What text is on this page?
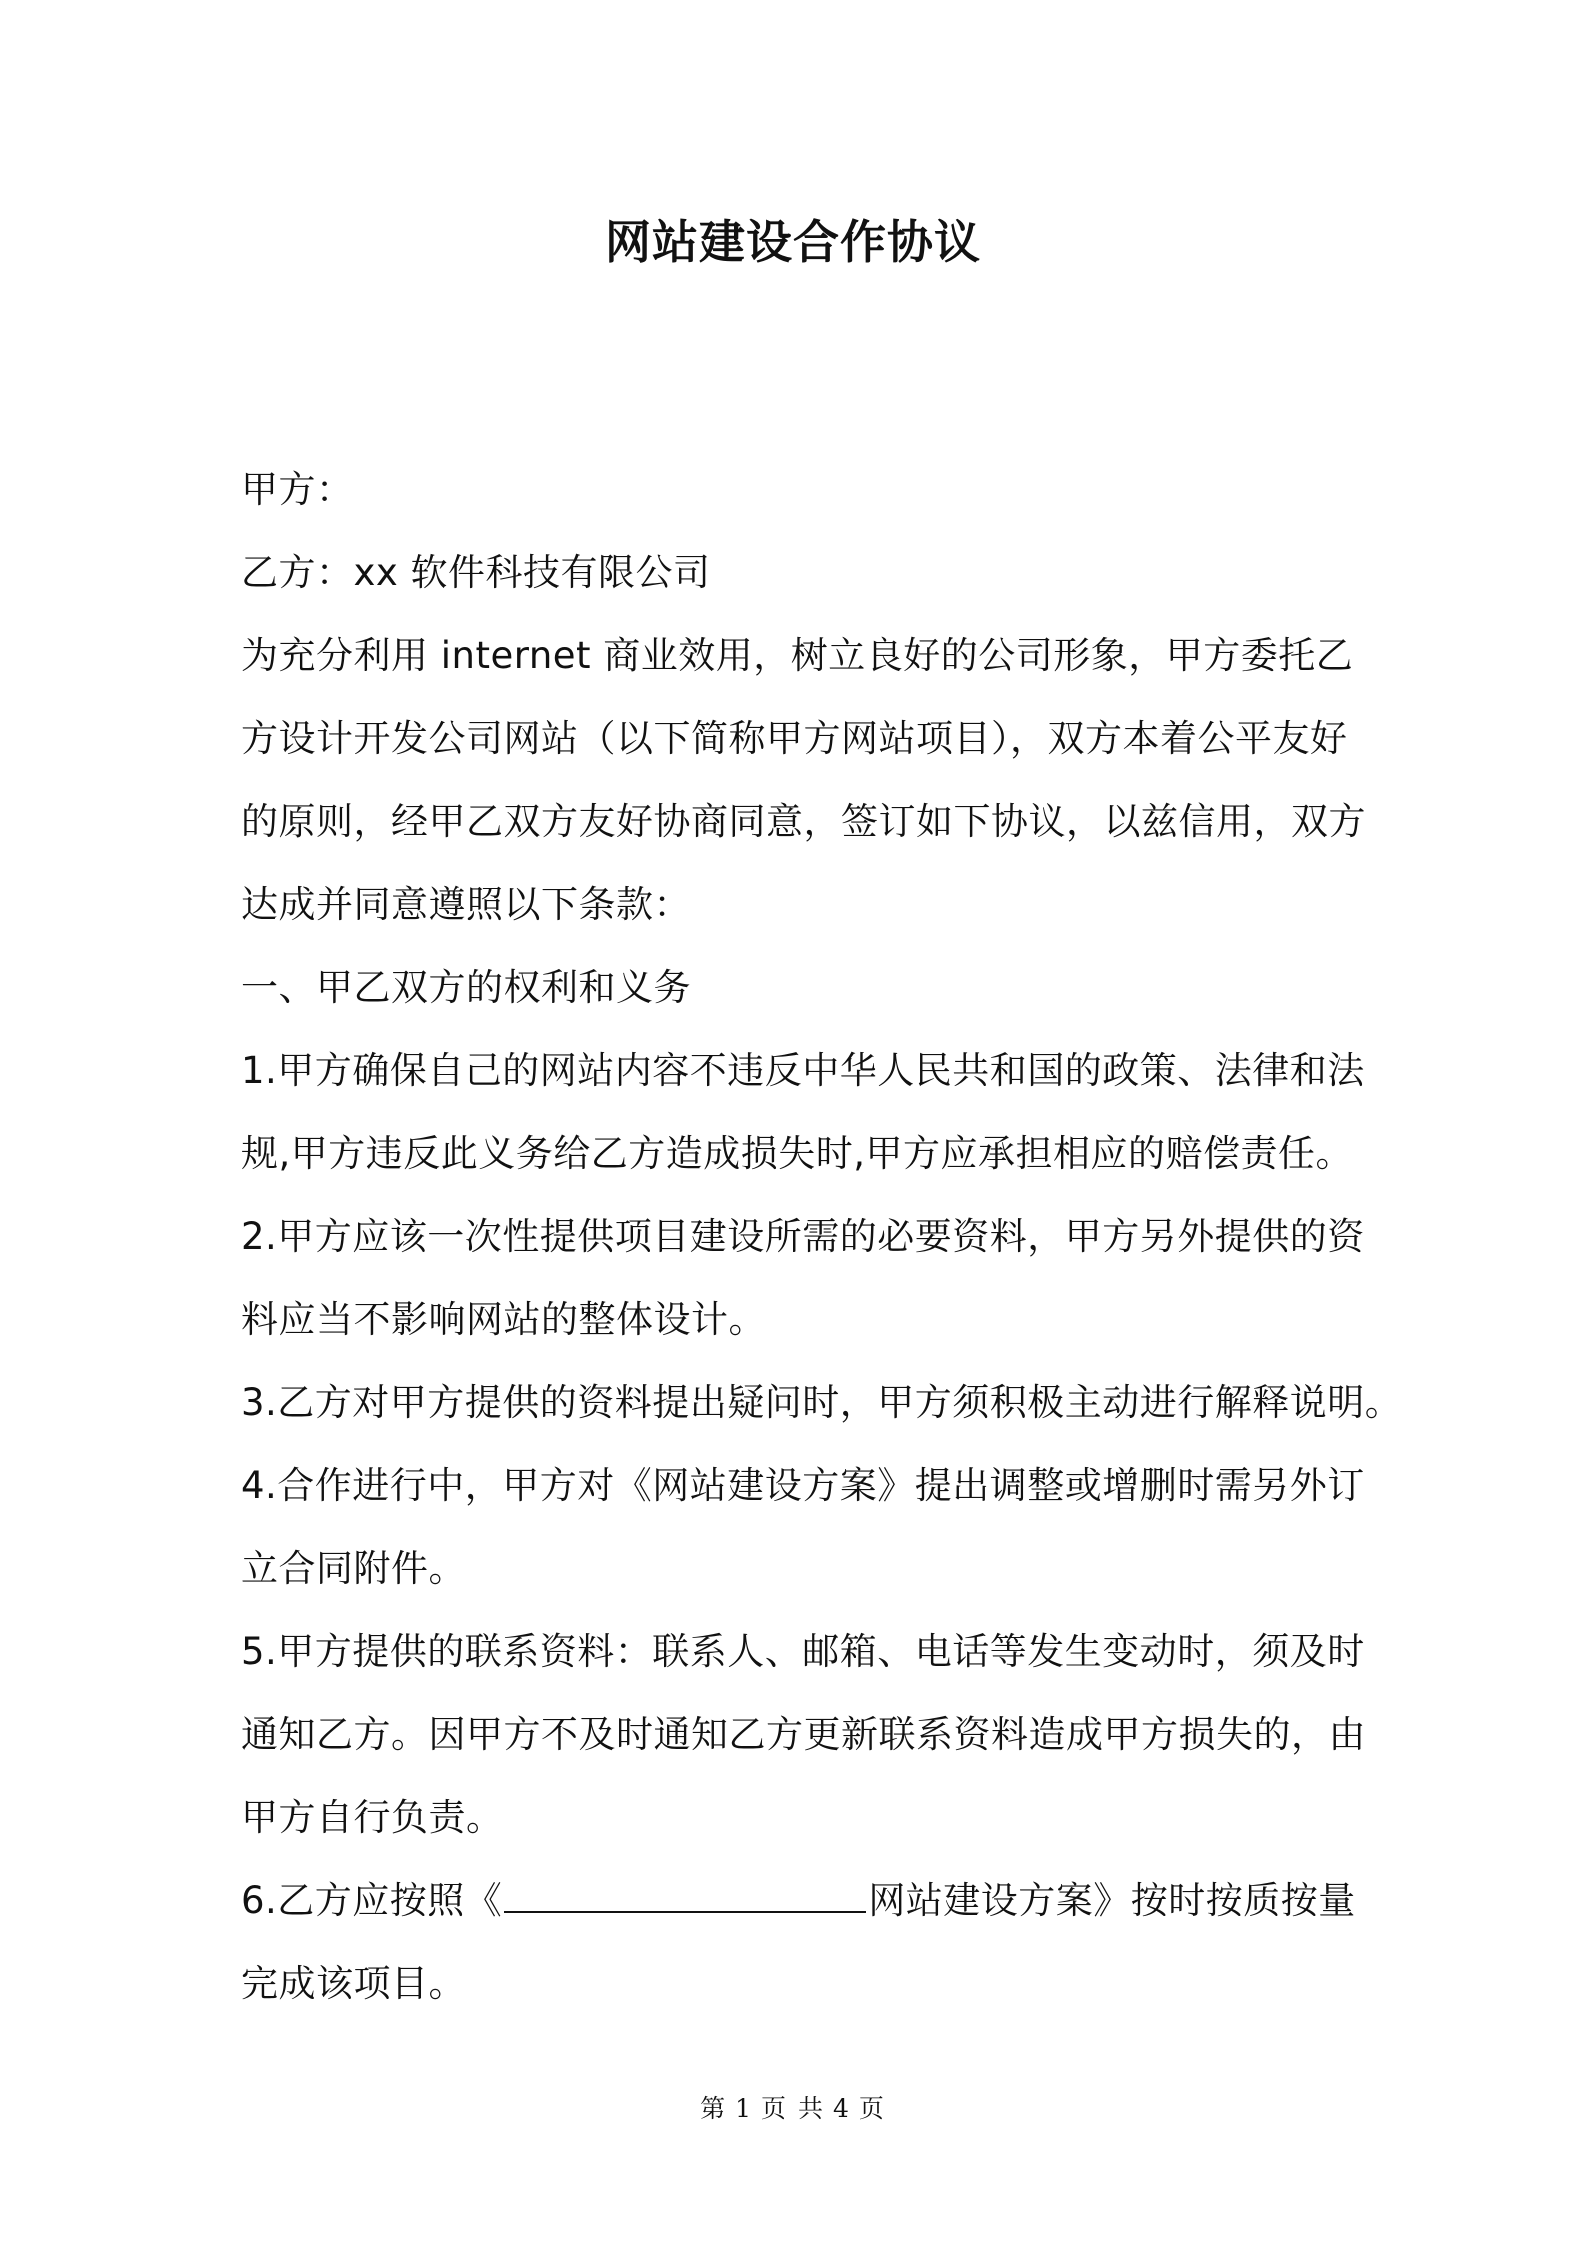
网站建设合作协议
甲方：
乙方：xx 软件科技有限公司
为充分利用 internet 商业效用，树立良好的公司形象，甲方委托乙
方设计开发公司网站（以下简称甲方网站项目），双方本着公平友好
的原则，经甲乙双方友好协商同意，签订如下协议，以兹信用，双方
达成并同意遵照以下条款：
一、甲乙双方的权利和义务
1.甲方确保自己的网站内容不违反中华人民共和国的政策、法律和法
规,甲方违反此义务给乙方造成损失时,甲方应承担相应的赔偿责任。
2.甲方应该一次性提供项目建设所需的必要资料，甲方另外提供的资
料应当不影响网站的整体设计。
3.乙方对甲方提供的资料提出疑问时，甲方须积极主动进行解释说明。
4.合作进行中，甲方对《网站建设方案》提出调整或增删时需另外订
立合同附件。
5.甲方提供的联系资料：联系人、邮箱、电话等发生变动时，须及时
通知乙方。因甲方不及时通知乙方更新联系资料造成甲方损失的，由
甲方自行负责。
6.乙方应按照《	网站建设方案》按时按质按量
完成该项目。
第 1 页 共 4 页
